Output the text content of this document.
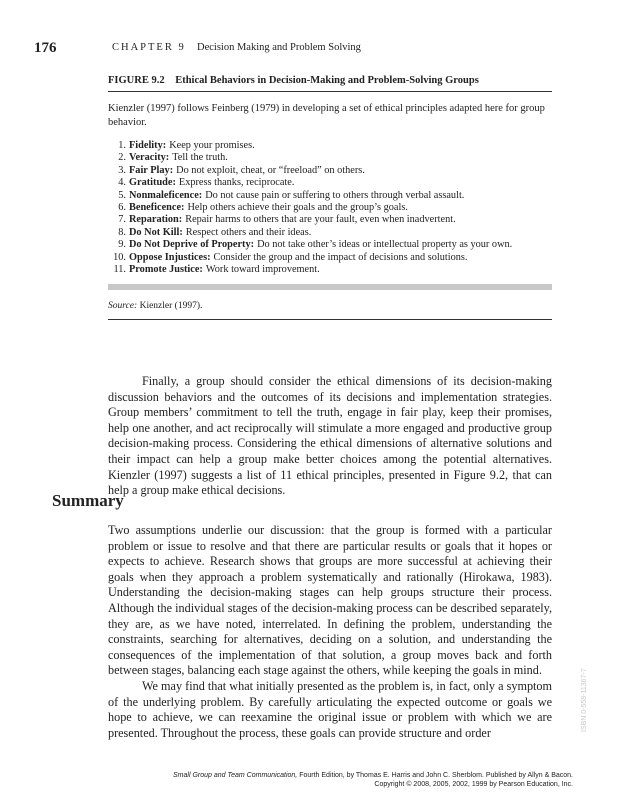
176	CHAPTER 9 Decision Making and Problem Solving
FIGURE 9.2 Ethical Behaviors in Decision-Making and Problem-Solving Groups
Kienzler (1997) follows Feinberg (1979) in developing a set of ethical principles adapted here for group behavior.
1. Fidelity: Keep your promises.
2. Veracity: Tell the truth.
3. Fair Play: Do not exploit, cheat, or “freeload” on others.
4. Gratitude: Express thanks, reciprocate.
5. Nonmaleficence: Do not cause pain or suffering to others through verbal assault.
6. Beneficence: Help others achieve their goals and the group’s goals.
7. Reparation: Repair harms to others that are your fault, even when inadvertent.
8. Do Not Kill: Respect others and their ideas.
9. Do Not Deprive of Property: Do not take other’s ideas or intellectual property as your own.
10. Oppose Injustices: Consider the group and the impact of decisions and solutions.
11. Promote Justice: Work toward improvement.
Source: Kienzler (1997).

Finally, a group should consider the ethical dimensions of its decision-making discussion behaviors and the outcomes of its decisions and implementation strategies. Group members’ commitment to tell the truth, engage in fair play, keep their promises, help one another, and act reciprocally will stimulate a more engaged and productive group decision-making process. Considering the ethical dimensions of alternative solutions and their impact can help a group make better choices among the potential alternatives. Kienzler (1997) suggests a list of 11 ethical principles, presented in Figure 9.2, that can help a group make ethical decisions.

Summary

Two assumptions underlie our discussion: that the group is formed with a particular problem or issue to resolve and that there are particular results or goals that it hopes or expects to achieve. Research shows that groups are more successful at achieving their goals when they approach a problem systematically and rationally (Hirokawa, 1983). Understanding the decision-making stages can help groups structure their process. Although the individual stages of the decision-making process can be described separately, they are, as we have noted, interrelated. In defining the problem, understanding the constraints, searching for alternatives, deciding on a solution, and understanding the consequences of the implementation of that solution, a group moves back and forth between stages, balancing each stage against the others, while keeping the goals in mind.

We may find that what initially presented as the problem is, in fact, only a symptom of the underlying problem. By carefully articulating the expected outcome or goals we hope to achieve, we can reexamine the original issue or problem with which we are presented. Throughout the process, these goals can provide structure and order

ISBN 0-558-11367-7
Small Group and Team Communication, Fourth Edition, by Thomas E. Harris and John C. Sherblom. Published by Allyn & Bacon.
Copyright © 2008, 2005, 2002, 1999 by Pearson Education, Inc.
